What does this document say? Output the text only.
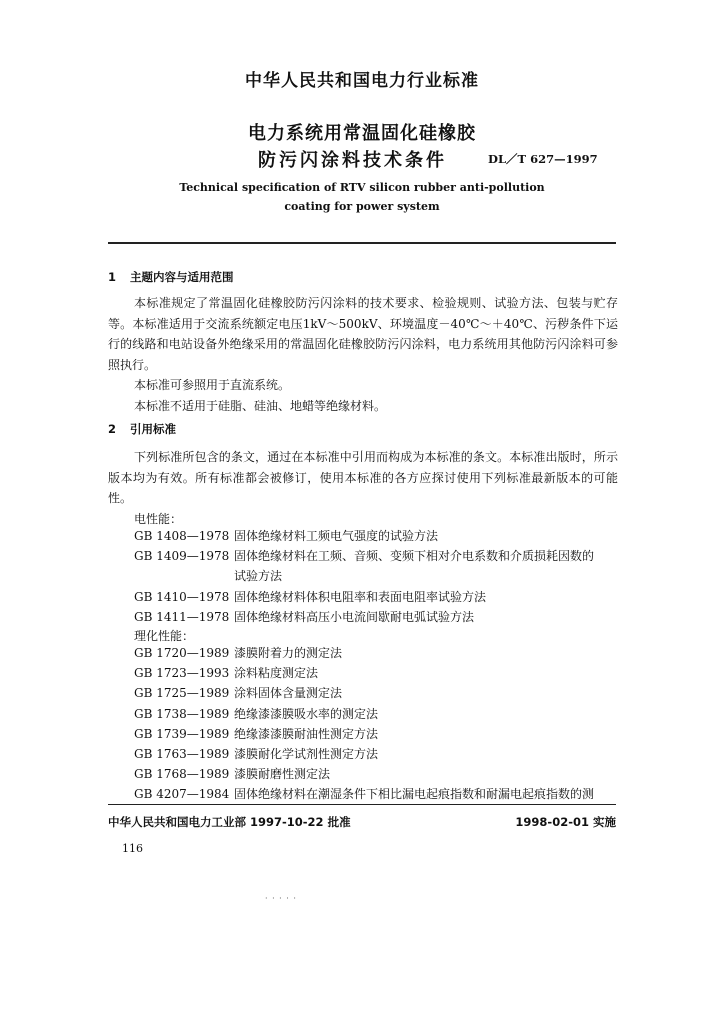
中华人民共和国电力行业标准
电力系统用常温固化硅橡胶
防污闪涂料技术条件	DL／T 627—1997
Technical specification of RTV silicon rubber anti-pollution
coating for power system
1 主题内容与适用范围

本标准规定了常温固化硅橡胶防污闪涂料的技术要求、检验规则、试验方法、包装与贮存等。本标准适用于交流系统额定电压1kV～500kV、环境温度－40℃～＋40℃、污秽条件下运行的线路和电站设备外绝缘采用的常温固化硅橡胶防污闪涂料，电力系统用其他防污闪涂料可参照执行。

本标准可参照用于直流系统。

本标准不适用于硅脂、硅油、地蜡等绝缘材料。

2 引用标准

下列标准所包含的条文，通过在本标准中引用而构成为本标准的条文。本标准出版时，所示版本均为有效。所有标准都会被修订，使用本标准的各方应探讨使用下列标准最新版本的可能性。

电性能：
GB 1408—1978 固体绝缘材料工频电气强度的试验方法
GB 1409—1978 固体绝缘材料在工频、音频、变频下相对介电系数和介质损耗因数的
试验方法
GB 1410—1978 固体绝缘材料体积电阻率和表面电阻率试验方法
GB 1411—1978 固体绝缘材料高压小电流间歇耐电弧试验方法
理化性能：
GB 1720—1989 漆膜附着力的测定法
GB 1723—1993 涂料粘度测定法
GB 1725—1989 涂料固体含量测定法
GB 1738—1989 绝缘漆漆膜吸水率的测定法
GB 1739—1989 绝缘漆漆膜耐油性测定方法
GB 1763—1989 漆膜耐化学试剂性测定方法
GB 1768—1989 漆膜耐磨性测定法
GB 4207—1984 固体绝缘材料在潮湿条件下相比漏电起痕指数和耐漏电起痕指数的测
中华人民共和国电力工业部 1997-10-22 批准	1998-02-01 实施
116
· · · · ·
